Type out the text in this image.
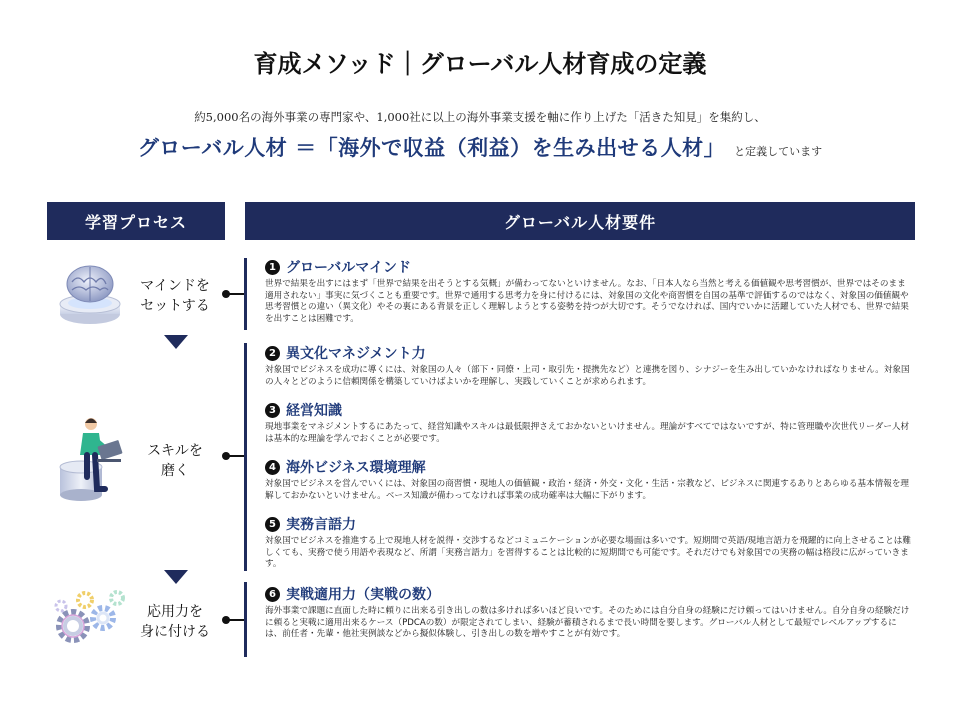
育成メソッド｜グローバル人材育成の定義
約5,000名の海外事業の専門家や、1,000社に以上の海外事業支援を軸に作り上げた「活きた知見」を集約し、
グローバル人材 ＝「海外で収益（利益）を生み出せる人材」 と定義しています
学習プロセス	グローバル人材要件
マインドを
セットする
スキルを
磨く
応用力を
身に付ける
1 グローバルマインド
世界で結果を出すにはまず「世界で結果を出そうとする気概」が備わってないといけません。なお、「日本人なら当然と考える価値観や思考習慣が、世界ではそのまま適用されない」事実に気づくことも重要です。世界で通用する思考力を身に付けるには、対象国の文化や商習慣を自国の基準で評価するのではなく、対象国の価値観や思考習慣との違い（異文化）やその裏にある背景を正しく理解しようとする姿勢を持つが大切です。そうでなければ、国内でいかに活躍していた人材でも、世界で結果を出すことは困難です。
2 異文化マネジメント力
対象国でビジネスを成功に導くには、対象国の人々（部下・同僚・上司・取引先・提携先など）と連携を図り、シナジーを生み出していかなければなりません。対象国の人々とどのように信頼関係を構築していけばよいかを理解し、実践していくことが求められます。
3 経営知識
現地事業をマネジメントするにあたって、経営知識やスキルは最低限押さえておかないといけません。理論がすべてではないですが、特に管理職や次世代リーダー人材は基本的な理論を学んでおくことが必要です。
4 海外ビジネス環境理解
対象国でビジネスを営んでいくには、対象国の商習慣・現地人の価値観・政治・経済・外交・文化・生活・宗教など、ビジネスに関連するありとあらゆる基本情報を理解しておかないといけません。ベース知識が備わってなければ事業の成功確率は大幅に下がります。
5 実務言語力
対象国でビジネスを推進する上で現地人材を説得・交渉するなどコミュニケーションが必要な場面は多いです。短期間で英語/現地言語力を飛躍的に向上させることは難しくても、実務で使う用語や表現など、所謂「実務言語力」を習得することは比較的に短期間でも可能です。それだけでも対象国での実務の幅は格段に広がっていきます。
6 実戦適用力（実戦の数）
海外事業で課題に直面した時に頼りに出来る引き出しの数は多ければ多いほど良いです。そのためには自分自身の経験にだけ頼ってはいけません。自分自身の経験だけに頼ると実戦に適用出来るケース（PDCAの数）が限定されてしまい、経験が蓄積されるまで長い時間を要します。グローバル人材として最短でレベルアップするには、前任者・先輩・他社実例談などから擬似体験し、引き出しの数を増やすことが有効です。
